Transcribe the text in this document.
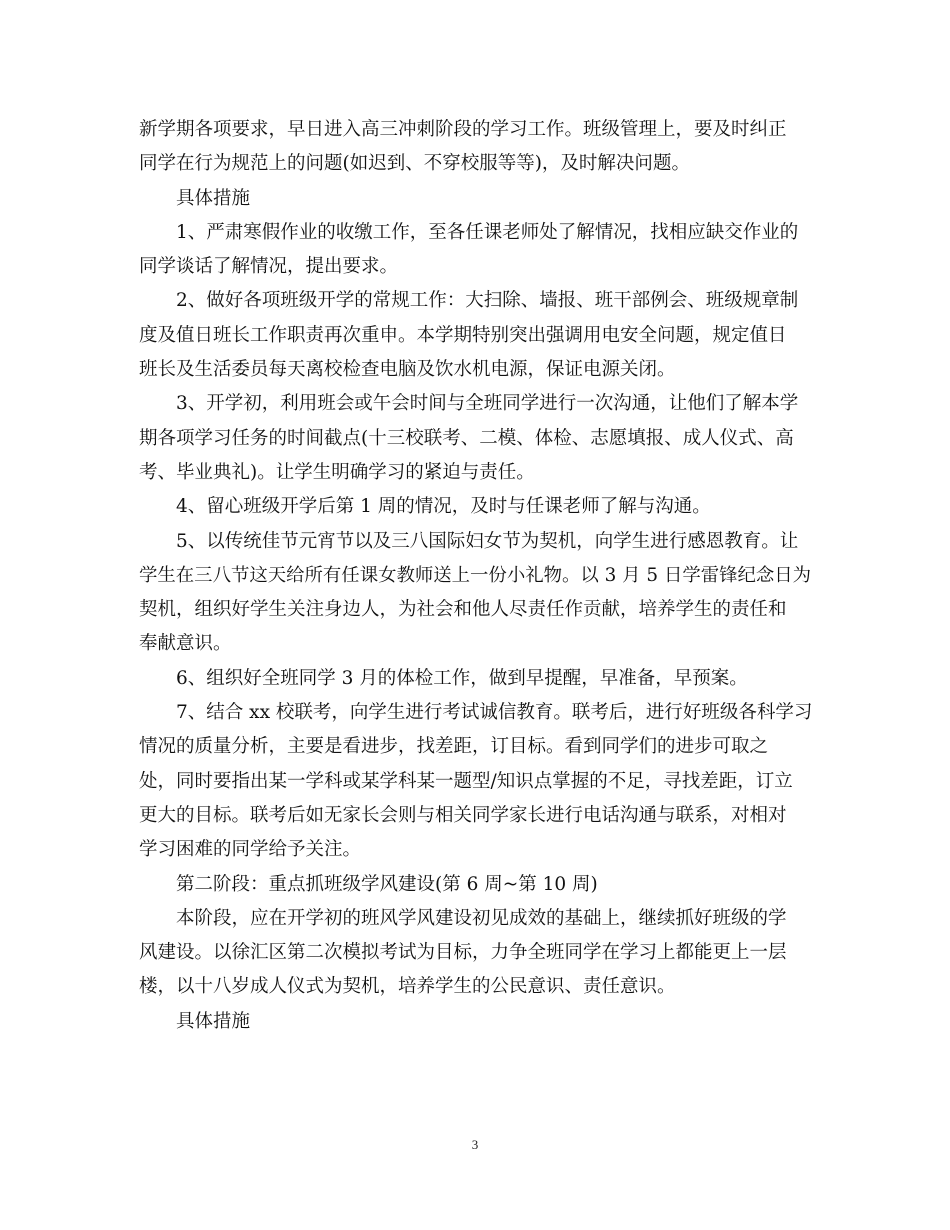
新学期各项要求，早日进入高三冲刺阶段的学习工作。班级管理上，要及时纠正

同学在行为规范上的问题(如迟到、不穿校服等等)，及时解决问题。

具体措施

1、严肃寒假作业的收缴工作，至各任课老师处了解情况，找相应缺交作业的

同学谈话了解情况，提出要求。

2、做好各项班级开学的常规工作：大扫除、墙报、班干部例会、班级规章制

度及值日班长工作职责再次重申。本学期特别突出强调用电安全问题，规定值日

班长及生活委员每天离校检查电脑及饮水机电源，保证电源关闭。

3、开学初，利用班会或午会时间与全班同学进行一次沟通，让他们了解本学

期各项学习任务的时间截点(十三校联考、二模、体检、志愿填报、成人仪式、高

考、毕业典礼)。让学生明确学习的紧迫与责任。

4、留心班级开学后第 1 周的情况，及时与任课老师了解与沟通。

5、以传统佳节元宵节以及三八国际妇女节为契机，向学生进行感恩教育。让

学生在三八节这天给所有任课女教师送上一份小礼物。以 3 月 5 日学雷锋纪念日为

契机，组织好学生关注身边人，为社会和他人尽责任作贡献，培养学生的责任和

奉献意识。

6、组织好全班同学 3 月的体检工作，做到早提醒，早准备，早预案。

7、结合 xx 校联考，向学生进行考试诚信教育。联考后，进行好班级各科学习

情况的质量分析，主要是看进步，找差距，订目标。看到同学们的进步可取之

处，同时要指出某一学科或某学科某一题型/知识点掌握的不足，寻找差距，订立

更大的目标。联考后如无家长会则与相关同学家长进行电话沟通与联系，对相对

学习困难的同学给予关注。

第二阶段：重点抓班级学风建设(第 6 周~第 10 周)

本阶段，应在开学初的班风学风建设初见成效的基础上，继续抓好班级的学

风建设。以徐汇区第二次模拟考试为目标，力争全班同学在学习上都能更上一层

楼，以十八岁成人仪式为契机，培养学生的公民意识、责任意识。

具体措施

3
